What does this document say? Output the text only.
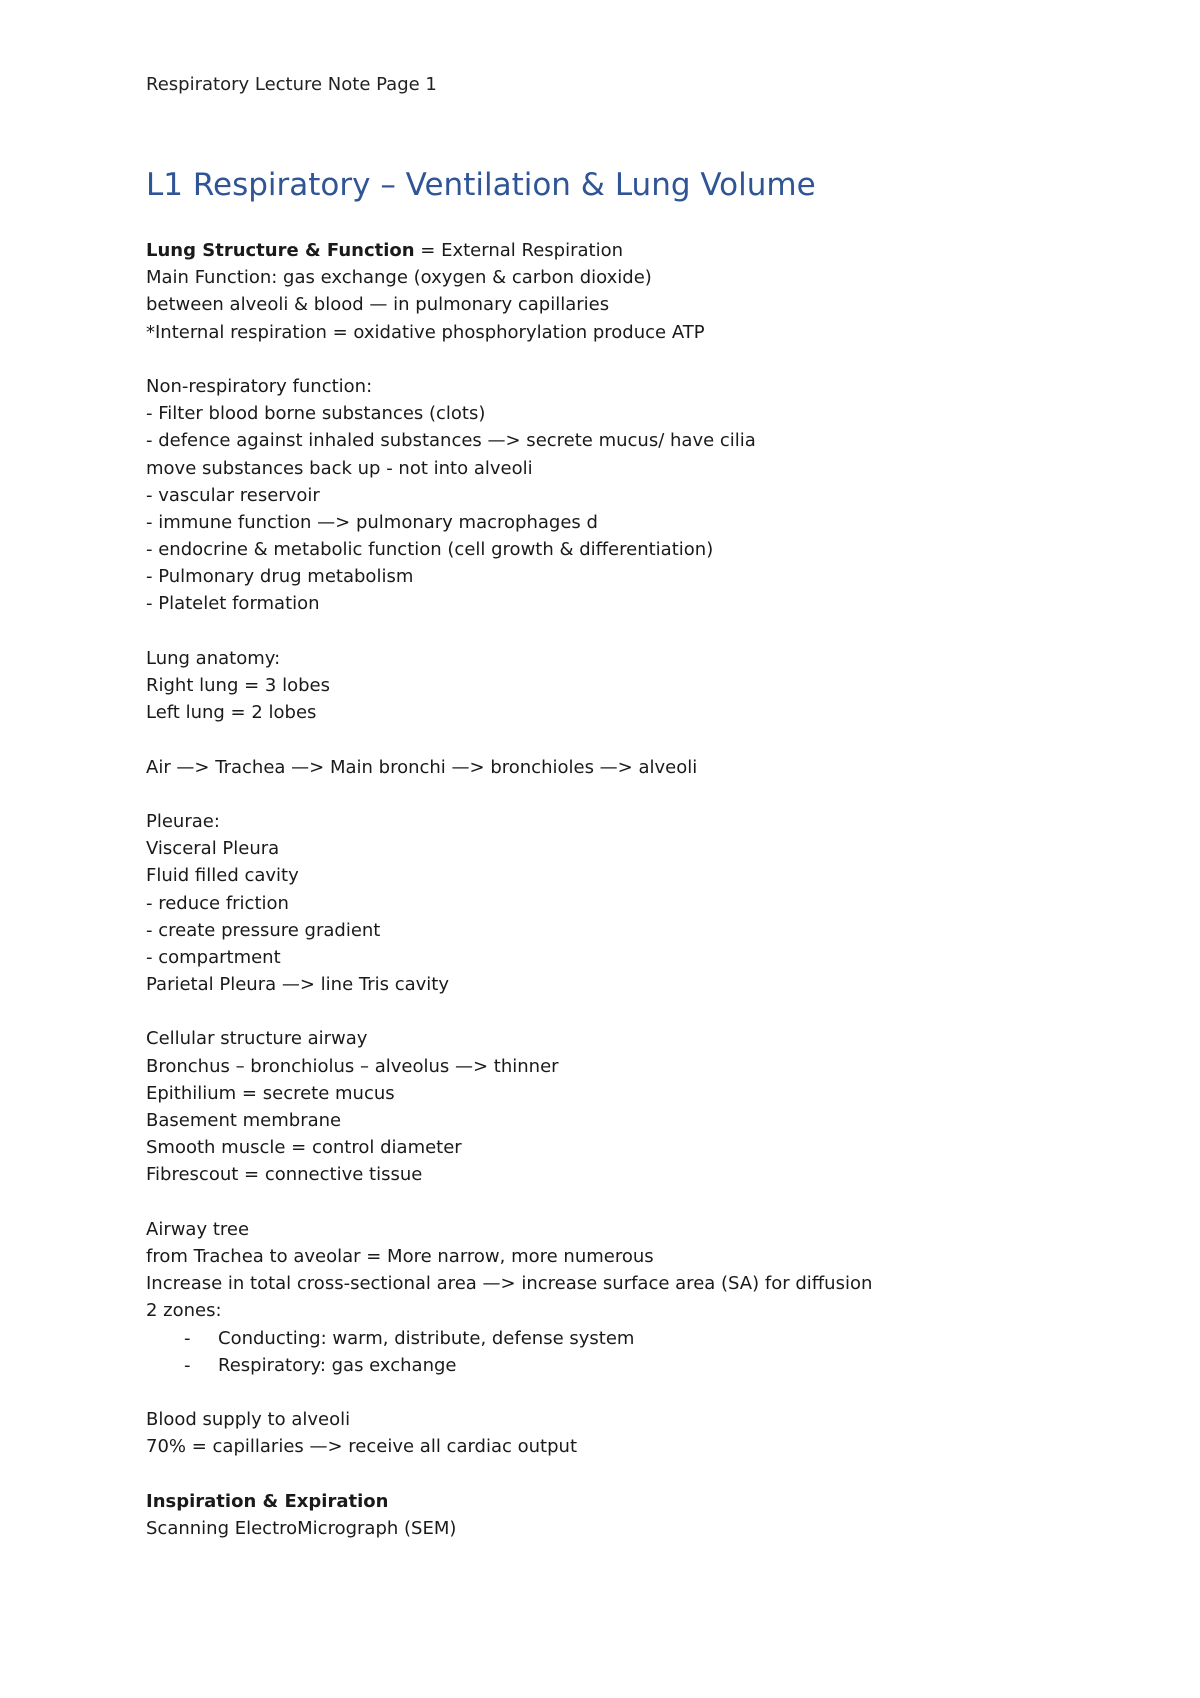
Respiratory Lecture Note Page 1
L1 Respiratory – Ventilation & Lung Volume
Lung Structure & Function = External Respiration
Main Function: gas exchange (oxygen & carbon dioxide)
between alveoli & blood — in pulmonary capillaries
*Internal respiration = oxidative phosphorylation produce ATP
Non-respiratory function:
- Filter blood borne substances (clots)
- defence against inhaled substances —> secrete mucus/ have cilia
move substances back up - not into alveoli
- vascular reservoir
- immune function —> pulmonary macrophages d
- endocrine & metabolic function (cell growth & differentiation)
- Pulmonary drug metabolism
- Platelet formation
Lung anatomy:
Right lung = 3 lobes
Left lung = 2 lobes
Air —> Trachea —> Main bronchi —> bronchioles —> alveoli
Pleurae:
Visceral Pleura
Fluid filled cavity
- reduce friction
- create pressure gradient
- compartment
Parietal Pleura —> line Tris cavity
Cellular structure airway
Bronchus – bronchiolus – alveolus —> thinner
Epithilium = secrete mucus
Basement membrane
Smooth muscle = control diameter
Fibrescout = connective tissue
Airway tree
from Trachea to aveolar = More narrow, more numerous
Increase in total cross-sectional area —> increase surface area (SA) for diffusion
2 zones:
-	Conducting: warm, distribute, defense system
-	Respiratory: gas exchange
Blood supply to alveoli
70% = capillaries —> receive all cardiac output
Inspiration & Expiration
Scanning ElectroMicrograph (SEM)
